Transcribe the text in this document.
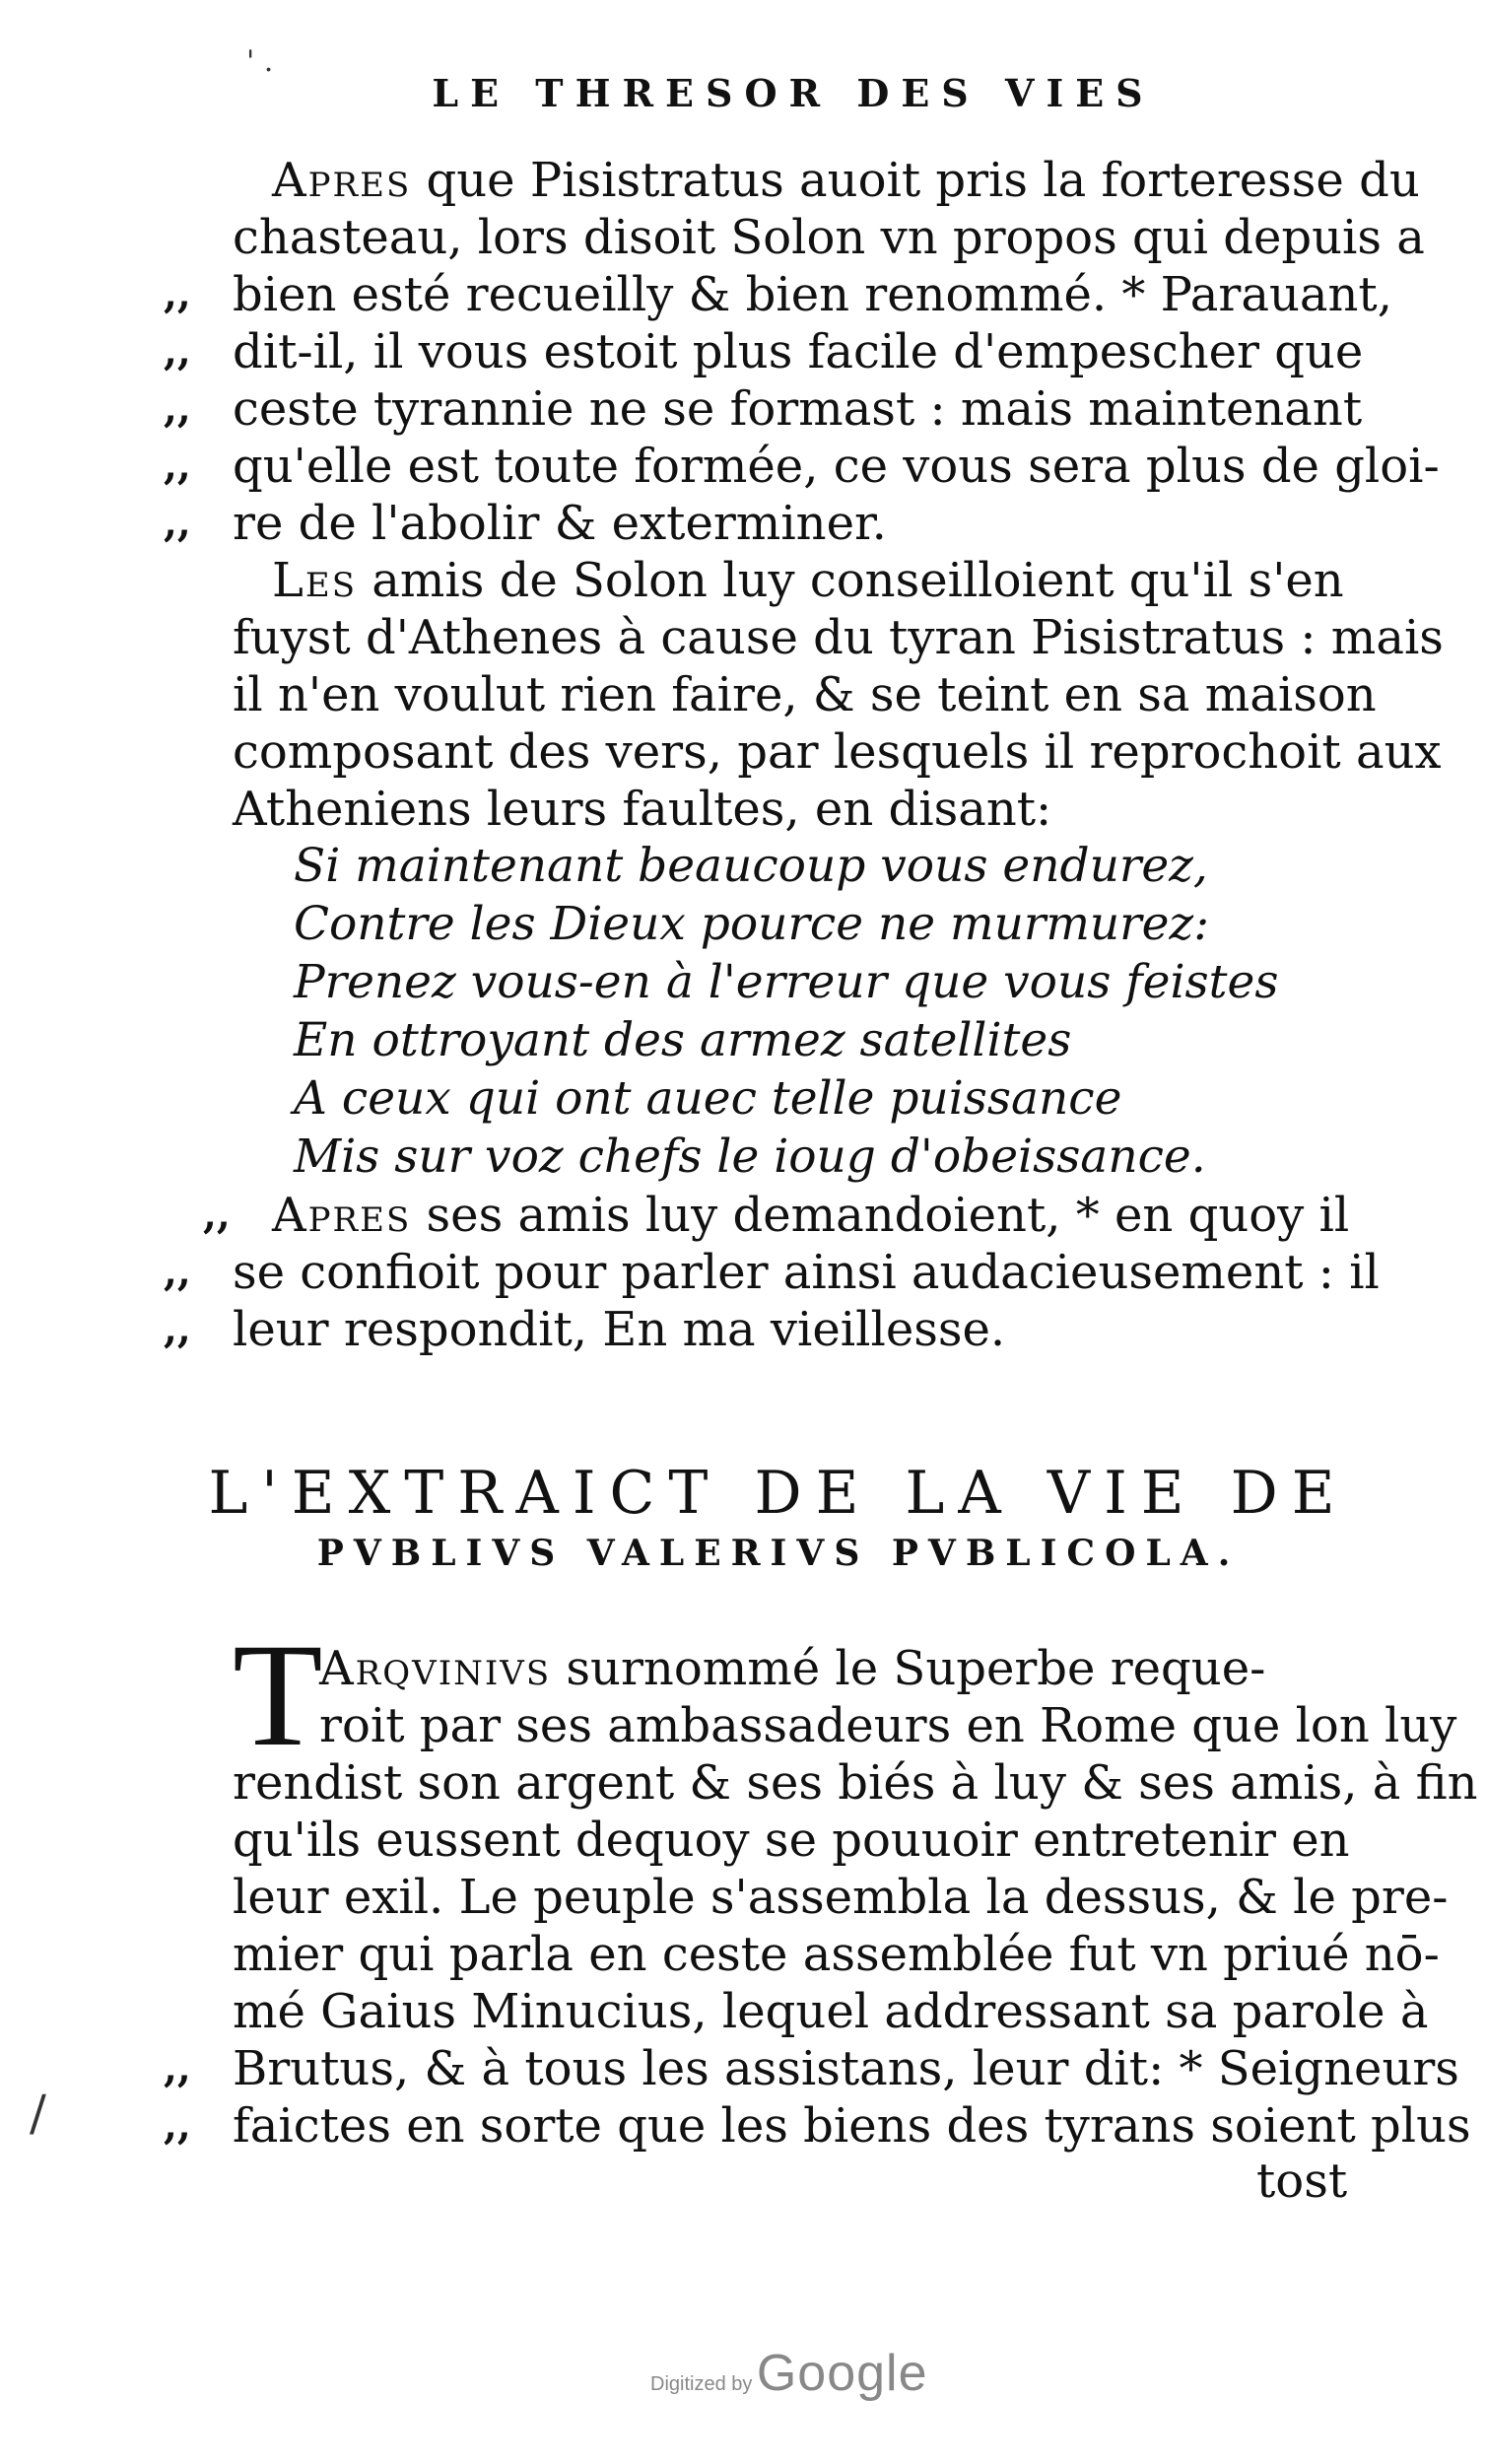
' .
/
LE THRESOR DES VIES
Apres que Pisistratus auoit pris la forteresse du
chasteau, lors disoit Solon vn propos qui depuis a
,, bien esté recueilly & bien renommé. * Parauant,
,, dit-il, il vous estoit plus facile d'empescher que
,, ceste tyrannie ne se formast : mais maintenant
,, qu'elle est toute formée, ce vous sera plus de gloi-
,, re de l'abolir & exterminer.
Les amis de Solon luy conseilloient qu'il s'en
fuyst d'Athenes à cause du tyran Pisistratus : mais
il n'en voulut rien faire, & se teint en sa maison
composant des vers, par lesquels il reprochoit aux
Atheniens leurs faultes, en disant:
Si maintenant beaucoup vous endurez,
Contre les Dieux pource ne murmurez:
Prenez vous-en à l'erreur que vous feistes
En ottroyant des armez satellites
A ceux qui ont auec telle puissance
Mis sur voz chefs le ioug d'obeissance.
,, Apres ses amis luy demandoient, * en quoy il
,, se confioit pour parler ainsi audacieusement : il
,, leur respondit, En ma vieillesse.
L'EXTRAICT DE LA VIE DE
PVBLIVS VALERIVS PVBLICOLA.
T
Arqvinivs surnommé le Superbe reque-
roit par ses ambassadeurs en Rome que lon luy
rendist son argent & ses biés à luy & ses amis, à fin
qu'ils eussent dequoy se pouuoir entretenir en
leur exil. Le peuple s'assembla la dessus, & le pre-
mier qui parla en ceste assemblée fut vn priué nō-
mé Gaius Minucius, lequel addressant sa parole à
,, Brutus, & à tous les assistans, leur dit: * Seigneurs
,, faictes en sorte que les biens des tyrans soient plus
tost
Digitized by Google
